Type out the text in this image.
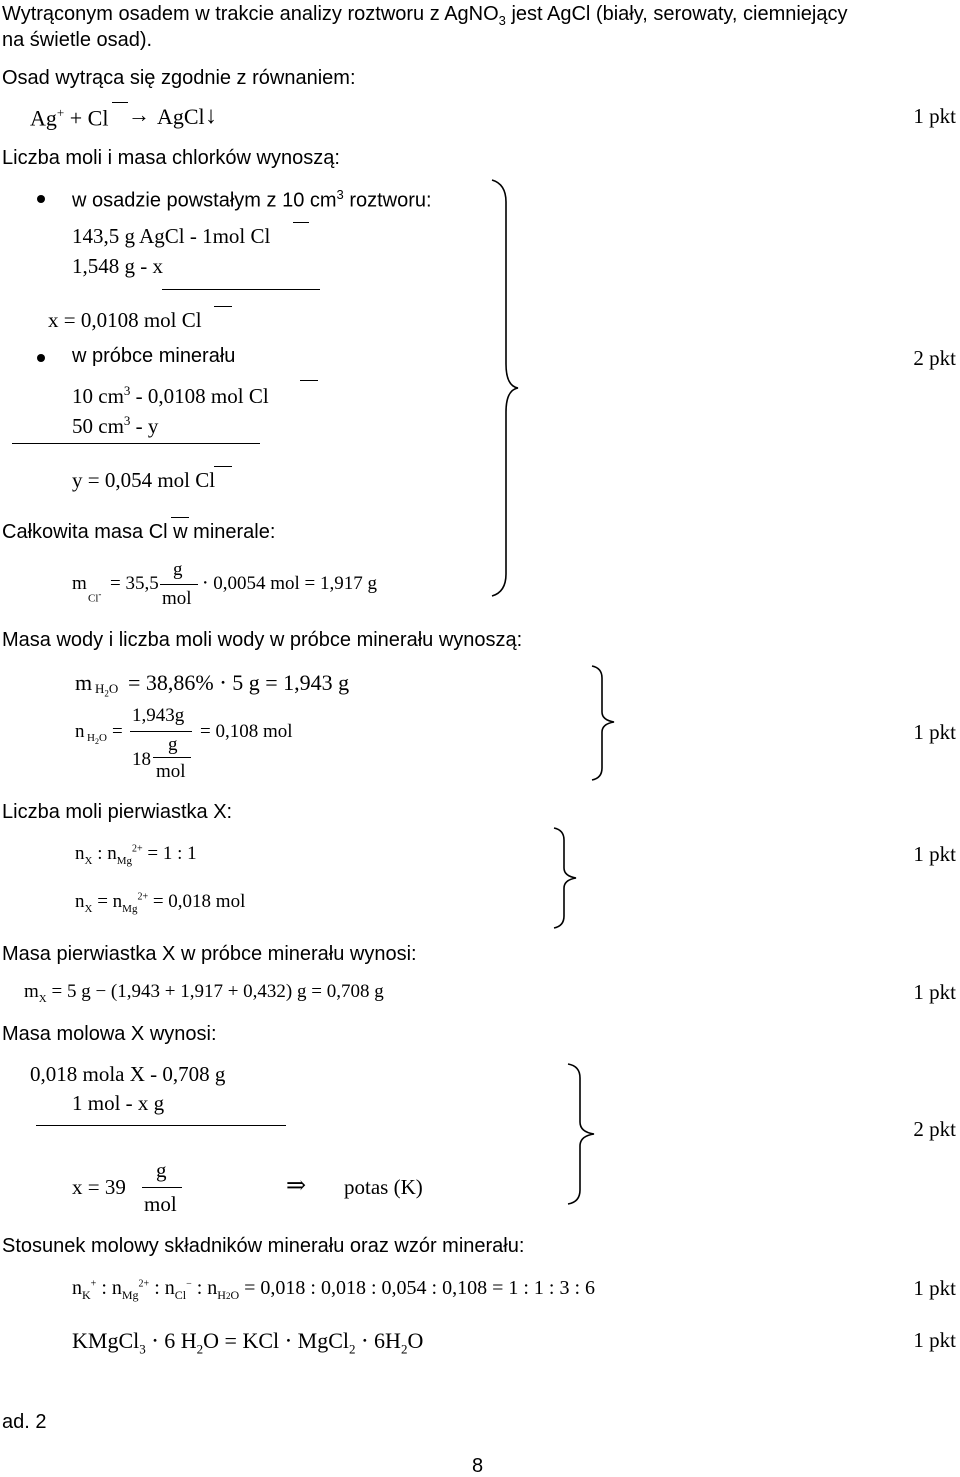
Wytrąconym osadem w trakcie analizy roztworu z AgNO$_3$ jest AgCl (biały, serowaty, ciemniejący
na świetle osad).
Osad wytrąca się zgodnie z równaniem:
Ag+ + Cl → AgCl ↓	1 pkt
Liczba moli i masa chlorków wynoszą:
w osadzie powstałym z 10 $cm^3$ roztworu:
143,5 g AgCl - 1mol Cl
1,548 g - x
x = 0,0108 mol Cl
w próbce minerału	2 pkt
10 $cm^3 - 0,0108$ mol Cl
50 $cm^3$ - y
y = 0,054 mol Cl
Całkowita masa Cl w minerale:
m
Cl- = 35,5
g
mol
⋅ 0,0054 mol = 1,917 g
Masa wody i liczba moli wody w próbce minerału wynoszą:
m $H_2O = 38,86\% \cdot 5$ g = 1,943 g
n $H_2O$ =
1,943g
18
g
mol
= 0,108 mol	1 pkt
Liczba moli pierwiastka X:
$n_X$ : $n_{Mg}^{2+} = 1$ : 1
$n_X = n_{Mg}^{2+} = 0,018$ mol
1 pkt
Masa pierwiastka X w próbce minerału wynosi:
$m_X = 5$ g − (1,943 + 1,917 + 0,432) g = 0,708 g	1 pkt
Masa molowa X wynosi:
0,018 mola X - 0,708 g
1 mol - x g
x = 39
g
mol
⇒ potas (K)
2 pkt
Stosunek molowy składników minerału oraz wzór minerału:
$n_K^+$ : $n_{Mg}^{2+}$ : $n_{Cl}^-$ : $n_{H2O} = 0,018$ : 0,018 : 0,054 : 0,108 = 1 : 1 : 3 : 6	1 pkt
KMgCl$_3$ ⋅ 6 $H_2O$ = KCl ⋅ MgCl$_2$ ⋅ $6H_2O$	1 pkt
ad. 2
8
